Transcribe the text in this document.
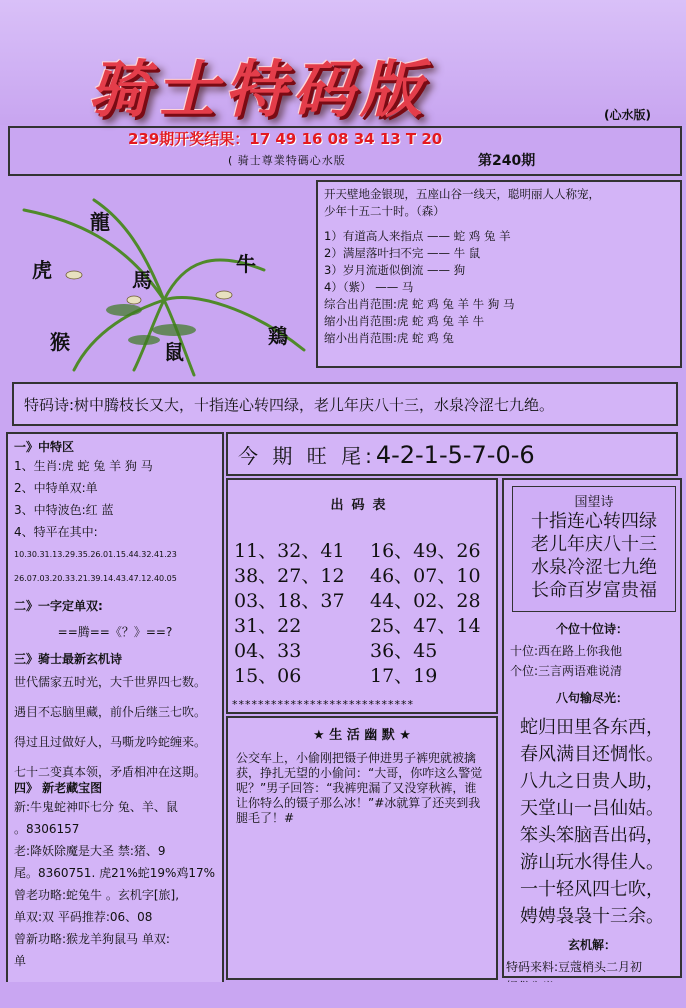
骑士特码版	(心水版)
239期开奖结果：17 49 16 08 34 13 T 20
( 骑士尊業特碼心水版	第240期
龍
虎	馬
牛
猴	鼠
鶏
开天壁地金银现，五座山谷一线天，聪明丽人人称宠，
少年十五二十时。（森）
1）有道高人来指点 —— 蛇 鸡 兔 羊
2）满屋落叶扫不完 —— 牛 鼠
3）岁月流逝似倒流 —— 狗
4）（紫） —— 马
综合出肖范围:虎 蛇 鸡 兔 羊 牛 狗 马
缩小出肖范围:虎 蛇 鸡 兔 羊 牛
缩小出肖范围:虎 蛇 鸡 兔
特码诗:树中腾枝长又大，十指连心转四绿，老儿年庆八十三，水泉冷涩七九绝。
一》中特区
1、生肖:虎 蛇 兔 羊 狗 马
2、中特单双:单
3、中特波色:红 蓝
4、特平在其中:
10.30.31.13.29.35.26.01.15.44.32.41.23
26.07.03.20.33.21.39.14.43.47.12.40.05
二》一字定单双:
==腾==《？》==?
三》骑士最新玄机诗
世代儒家五时光，大千世界四七数。
遇目不忘脑里藏，前仆后继三七吹。
得过且过做好人，马嘶龙吟蛇缠来。
七十二变真本领，矛盾相冲在这期。
四》 新老藏宝图
新:牛鬼蛇神吓七分 兔、羊、鼠
。8306157
老:降妖除魔是大圣 禁:猪、9
尾。8360751. 虎21%蛇19%鸡17%
曾老功略:蛇兔牛 。玄机字[旅],
单双:双 平码推荐:06、08
曾新功略:猴龙羊狗鼠马 单双:
单
今 期 旺 尾:4-2-1-5-7-0-6
出码表
11、32、41 16、49、26
38、27、12 46、07、10
03、18、37 44、02、28
31、22	25、47、14
04、33	36、45
15、06	17、19
****************************
★ 生 活 幽 默 ★
公交车上，小偷刚把镊子伸进男子裤兜就被擒获，挣扎无望的小偷问：“大哥，你咋这么警觉呢？”男子回答：“我裤兜漏了又没穿秋裤，谁让你特么的镊子那么冰！”#冰就算了还夹到我腿毛了！#
国望诗
十指连心转四绿
老儿年庆八十三
水泉冷涩七九绝
长命百岁富贵福
个位十位诗：
十位:西在路上你我他
个位:三言两语难说清
八句输尽光：
蛇归田里各东西，
春风满目还惆怅。
八九之日贵人助，
天堂山一吕仙姑。
笨头笨脑吾出码，
游山玩水得佳人。
一十轻风四七吹，
娉娉袅袅十三余。
玄机解：
特码来料:豆蔻梢头二月初
